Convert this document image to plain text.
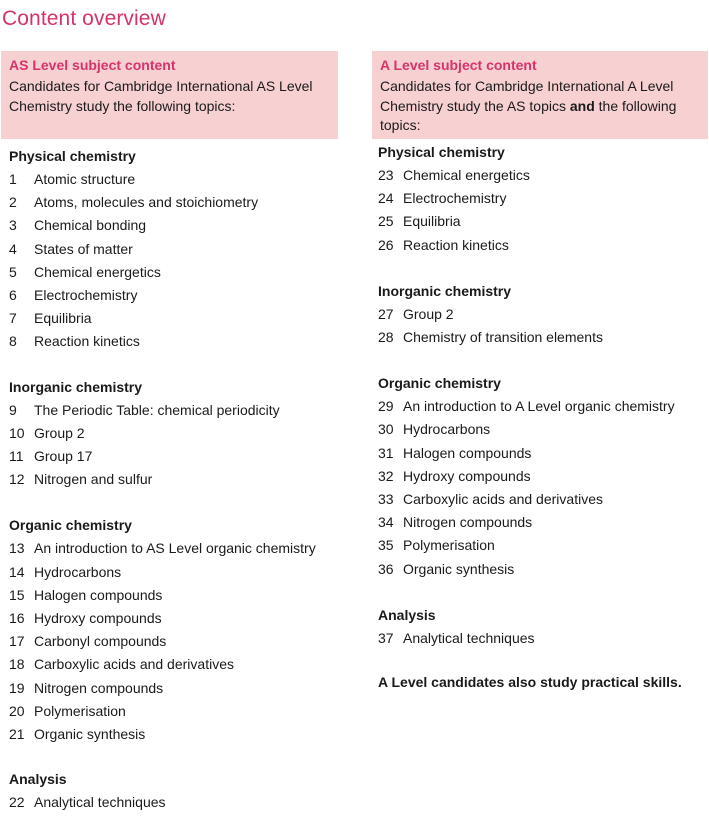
Content overview
AS Level subject content
Candidates for Cambridge International AS Level Chemistry study the following topics:
Physical chemistry
1 Atomic structure
2 Atoms, molecules and stoichiometry
3 Chemical bonding
4 States of matter
5 Chemical energetics
6 Electrochemistry
7 Equilibria
8 Reaction kinetics
Inorganic chemistry
9 The Periodic Table: chemical periodicity
10 Group 2
11 Group 17
12 Nitrogen and sulfur
Organic chemistry
13 An introduction to AS Level organic chemistry
14 Hydrocarbons
15 Halogen compounds
16 Hydroxy compounds
17 Carbonyl compounds
18 Carboxylic acids and derivatives
19 Nitrogen compounds
20 Polymerisation
21 Organic synthesis
Analysis
22 Analytical techniques
A Level subject content
Candidates for Cambridge International A Level Chemistry study the AS topics and the following topics:
Physical chemistry
23 Chemical energetics
24 Electrochemistry
25 Equilibria
26 Reaction kinetics
Inorganic chemistry
27 Group 2
28 Chemistry of transition elements
Organic chemistry
29 An introduction to A Level organic chemistry
30 Hydrocarbons
31 Halogen compounds
32 Hydroxy compounds
33 Carboxylic acids and derivatives
34 Nitrogen compounds
35 Polymerisation
36 Organic synthesis
Analysis
37 Analytical techniques
A Level candidates also study practical skills.
